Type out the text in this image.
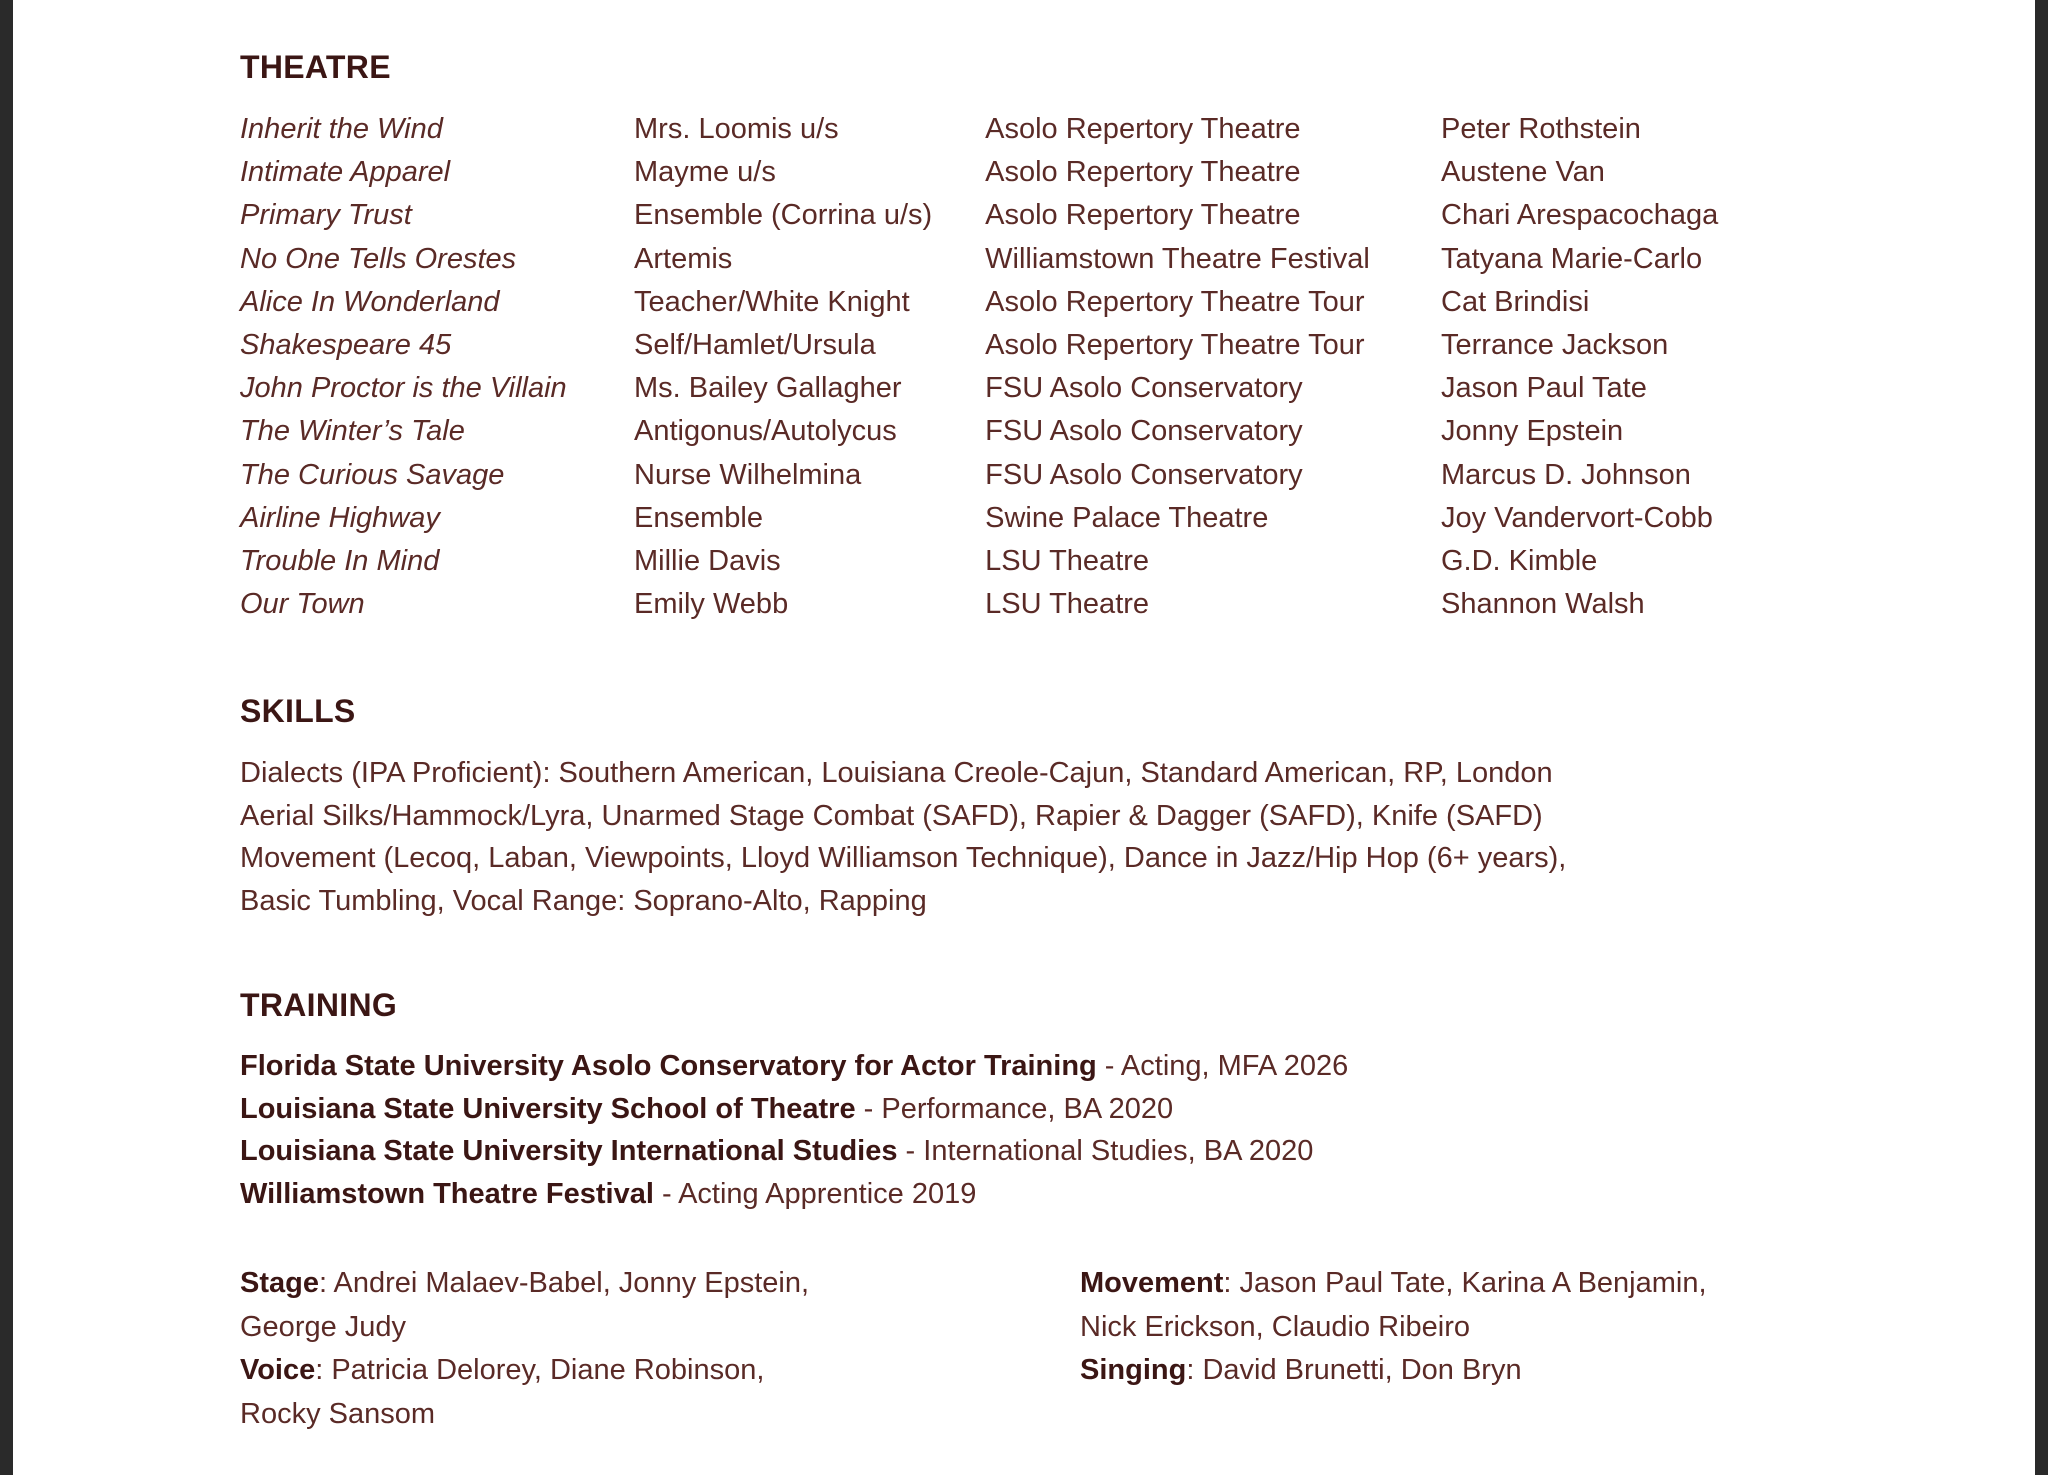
THEATRE
Inherit the Wind	Mrs. Loomis u/s	Asolo Repertory Theatre	Peter Rothstein
Intimate Apparel	Mayme u/s	Asolo Repertory Theatre	Austene Van
Primary Trust	Ensemble (Corrina u/s)	Asolo Repertory Theatre	Chari Arespacochaga
No One Tells Orestes	Artemis	Williamstown Theatre Festival	Tatyana Marie-Carlo
Alice In Wonderland	Teacher/White Knight	Asolo Repertory Theatre Tour	Cat Brindisi
Shakespeare 45	Self/Hamlet/Ursula	Asolo Repertory Theatre Tour	Terrance Jackson
John Proctor is the Villain	Ms. Bailey Gallagher	FSU Asolo Conservatory	Jason Paul Tate
The Winter’s Tale	Antigonus/Autolycus	FSU Asolo Conservatory	Jonny Epstein
The Curious Savage	Nurse Wilhelmina	FSU Asolo Conservatory	Marcus D. Johnson
Airline Highway	Ensemble	Swine Palace Theatre	Joy Vandervort-Cobb
Trouble In Mind	Millie Davis	LSU Theatre	G.D. Kimble
Our Town	Emily Webb	LSU Theatre	Shannon Walsh
SKILLS
Dialects (IPA Proficient): Southern American, Louisiana Creole-Cajun, Standard American, RP, London
Aerial Silks/Hammock/Lyra, Unarmed Stage Combat (SAFD), Rapier & Dagger (SAFD), Knife (SAFD)
Movement (Lecoq, Laban, Viewpoints, Lloyd Williamson Technique), Dance in Jazz/Hip Hop (6+ years),
Basic Tumbling, Vocal Range: Soprano-Alto, Rapping
TRAINING
Florida State University Asolo Conservatory for Actor Training - Acting, MFA 2026
Louisiana State University School of Theatre - Performance, BA 2020
Louisiana State University International Studies - International Studies, BA 2020
Williamstown Theatre Festival - Acting Apprentice 2019
Stage: Andrei Malaev-Babel, Jonny Epstein,
George Judy
Voice: Patricia Delorey, Diane Robinson,
Rocky Sansom
Movement: Jason Paul Tate, Karina A Benjamin,
Nick Erickson, Claudio Ribeiro
Singing: David Brunetti, Don Bryn
